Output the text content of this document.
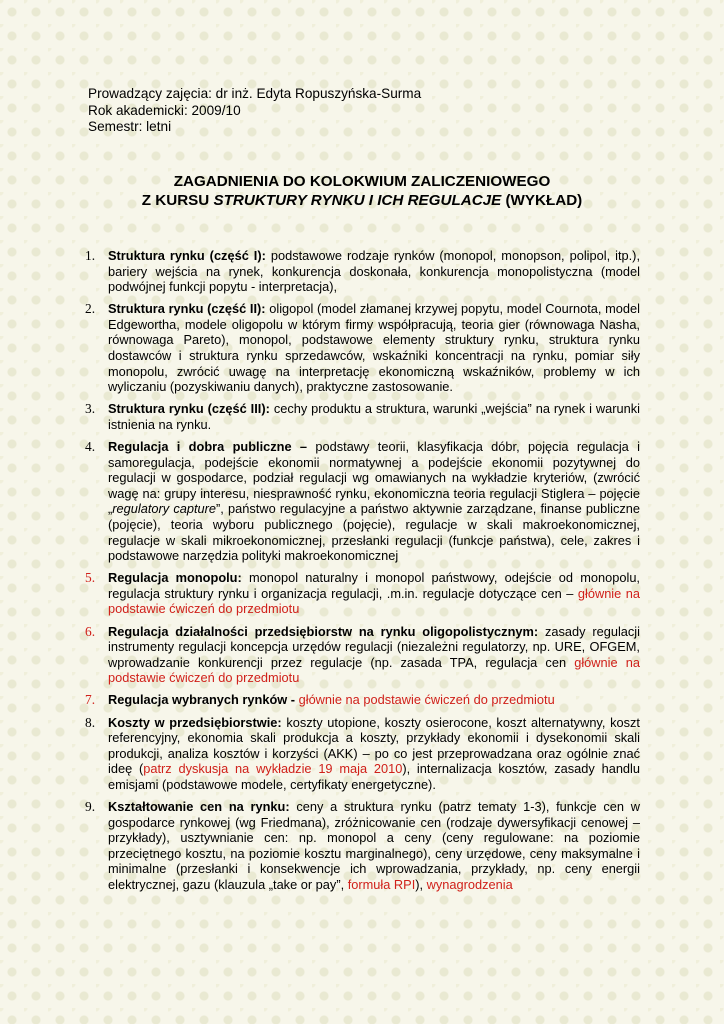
Prowadzący zajęcia: dr inż. Edyta Ropuszyńska-Surma
Rok akademicki: 2009/10
Semestr: letni
ZAGADNIENIA DO KOLOKWIUM ZALICZENIOWEGO
Z KURSU STRUKTURY RYNKU I ICH REGULACJE (WYKŁAD)
1. Struktura rynku (część I): podstawowe rodzaje rynków (monopol, monopson, polipol, itp.), bariery wejścia na rynek, konkurencja doskonała, konkurencja monopolistyczna (model podwójnej funkcji popytu - interpretacja),
2. Struktura rynku (część II): oligopol (model złamanej krzywej popytu, model Cournota, model Edgewortha, modele oligopolu w którym firmy współpracują, teoria gier (równowaga Nasha, równowaga Pareto), monopol, podstawowe elementy struktury rynku, struktura rynku dostawców i struktura rynku sprzedawców, wskaźniki koncentracji na rynku, pomiar siły monopolu, zwrócić uwagę na interpretację ekonomiczną wskaźników, problemy w ich wyliczaniu (pozyskiwaniu danych), praktyczne zastosowanie.
3. Struktura rynku (część III): cechy produktu a struktura, warunki „wejścia” na rynek i warunki istnienia na rynku.
4. Regulacja i dobra publiczne – podstawy teorii, klasyfikacja dóbr, pojęcia regulacja i samoregulacja, podejście ekonomii normatywnej a podejście ekonomii pozytywnej do regulacji w gospodarce, podział regulacji wg omawianych na wykładzie kryteriów, (zwrócić wagę na: grupy interesu, niesprawność rynku, ekonomiczna teoria regulacji Stiglera – pojęcie „regulatory capture”, państwo regulacyjne a państwo aktywnie zarządzane, finanse publiczne (pojęcie), teoria wyboru publicznego (pojęcie), regulacje w skali makroekonomicznej, regulacje w skali mikroekonomicznej, przesłanki regulacji (funkcje państwa), cele, zakres i podstawowe narzędzia polityki makroekonomicznej
5. Regulacja monopolu: monopol naturalny i monopol państwowy, odejście od monopolu, regulacja struktury rynku i organizacja regulacji, .m.in. regulacje dotyczące cen – głównie na podstawie ćwiczeń do przedmiotu
6. Regulacja działalności przedsiębiorstw na rynku oligopolistycznym: zasady regulacji instrumenty regulacji koncepcja urzędów regulacji (niezależni regulatorzy, np. URE, OFGEM, wprowadzanie konkurencji przez regulacje (np. zasada TPA, regulacja cen głównie na podstawie ćwiczeń do przedmiotu
7. Regulacja wybranych rynków - głównie na podstawie ćwiczeń do przedmiotu
8. Koszty w przedsiębiorstwie: koszty utopione, koszty osierocone, koszt alternatywny, koszt referencyjny, ekonomia skali produkcja a koszty, przykłady ekonomii i dysekonomii skali produkcji, analiza kosztów i korzyści (AKK) – po co jest przeprowadzana oraz ogólnie znać ideę (patrz dyskusja na wykładzie 19 maja 2010), internalizacja kosztów, zasady handlu emisjami (podstawowe modele, certyfikaty energetyczne).
9. Kształtowanie cen na rynku: ceny a struktura rynku (patrz tematy 1-3), funkcje cen w gospodarce rynkowej (wg Friedmana), zróżnicowanie cen (rodzaje dywersyfikacji cenowej – przykłady), usztywnianie cen: np. monopol a ceny (ceny regulowane: na poziomie przeciętnego kosztu, na poziomie kosztu marginalnego), ceny urzędowe, ceny maksymalne i minimalne (przesłanki i konsekwencje ich wprowadzania, przykłady, np. ceny energii elektrycznej, gazu (klauzula „take or pay”, formuła RPI), wynagrodzenia
